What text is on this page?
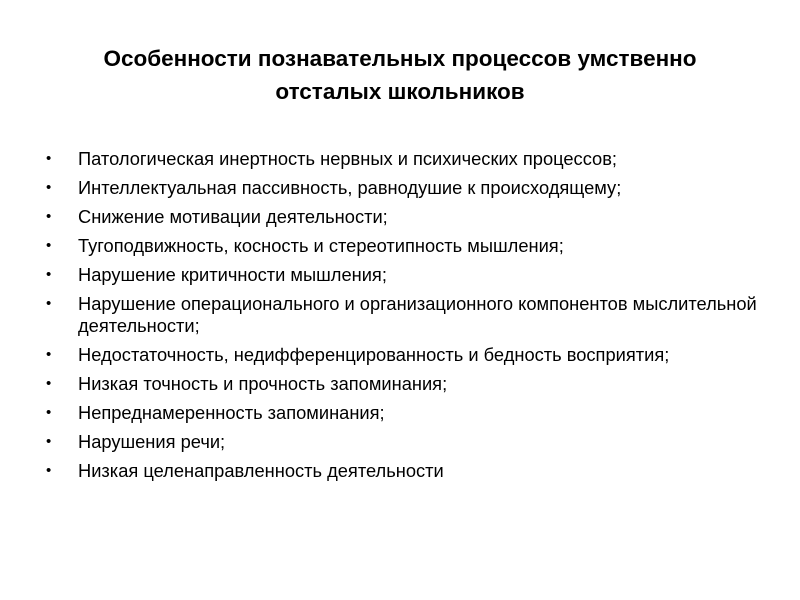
Особенности познавательных процессов умственно
отсталых школьников
• Патологическая инертность нервных и психических процессов;
• Интеллектуальная пассивность, равнодушие к происходящему;
• Снижение мотивации деятельности;
• Тугоподвижность, косность и стереотипность мышления;
• Нарушение критичности мышления;
• Нарушение операционального и организационного компонентов мыслительной деятельности;
• Недостаточность, недифференцированность и бедность восприятия;
• Низкая точность и прочность запоминания;
• Непреднамеренность запоминания;
• Нарушения речи;
• Низкая целенаправленность деятельности
